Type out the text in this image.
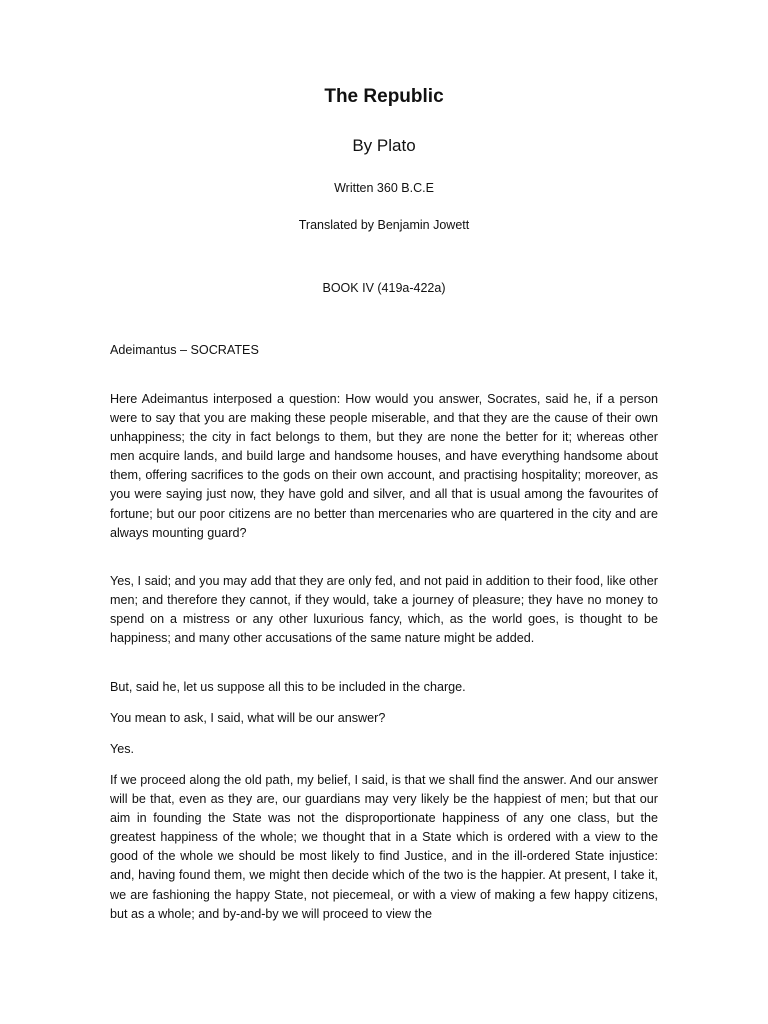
The Republic
By Plato
Written 360 B.C.E
Translated by Benjamin Jowett
BOOK IV (419a-422a)

Adeimantus – SOCRATES

Here Adeimantus interposed a question: How would you answer, Socrates, said he, if a person were to say that you are making these people miserable, and that they are the cause of their own unhappiness; the city in fact belongs to them, but they are none the better for it; whereas other men acquire lands, and build large and handsome houses, and have everything handsome about them, offering sacrifices to the gods on their own account, and practising hospitality; moreover, as you were saying just now, they have gold and silver, and all that is usual among the favourites of fortune; but our poor citizens are no better than mercenaries who are quartered in the city and are always mounting guard?

Yes, I said; and you may add that they are only fed, and not paid in addition to their food, like other men; and therefore they cannot, if they would, take a journey of pleasure; they have no money to spend on a mistress or any other luxurious fancy, which, as the world goes, is thought to be happiness; and many other accusations of the same nature might be added.

But, said he, let us suppose all this to be included in the charge.

You mean to ask, I said, what will be our answer?

Yes.

If we proceed along the old path, my belief, I said, is that we shall find the answer. And our answer will be that, even as they are, our guardians may very likely be the happiest of men; but that our aim in founding the State was not the disproportionate happiness of any one class, but the greatest happiness of the whole; we thought that in a State which is ordered with a view to the good of the whole we should be most likely to find Justice, and in the ill-ordered State injustice: and, having found them, we might then decide which of the two is the happier. At present, I take it, we are fashioning the happy State, not piecemeal, or with a view of making a few happy citizens, but as a whole; and by-and-by we will proceed to view the
